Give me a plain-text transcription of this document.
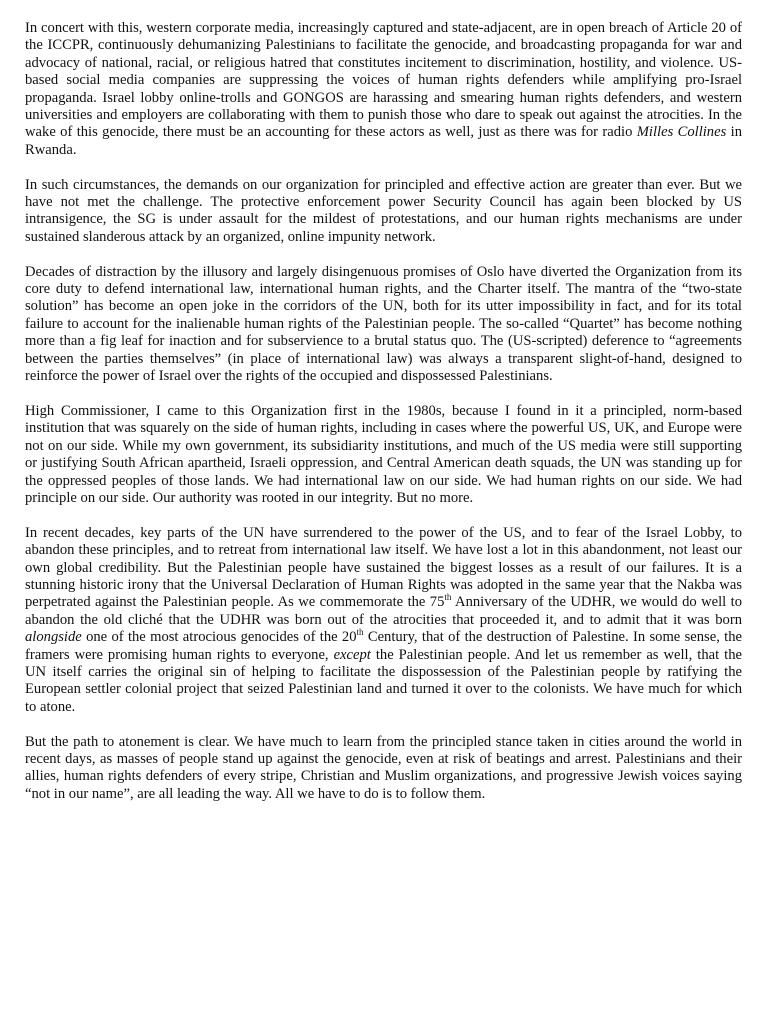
In concert with this, western corporate media, increasingly captured and state-adjacent, are in open breach of Article 20 of the ICCPR, continuously dehumanizing Palestinians to facilitate the genocide, and broadcasting propaganda for war and advocacy of national, racial, or religious hatred that constitutes incitement to discrimination, hostility, and violence. US-based social media companies are suppressing the voices of human rights defenders while amplifying pro-Israel propaganda. Israel lobby online-trolls and GONGOS are harassing and smearing human rights defenders, and western universities and employers are collaborating with them to punish those who dare to speak out against the atrocities. In the wake of this genocide, there must be an accounting for these actors as well, just as there was for radio Milles Collines in Rwanda.

In such circumstances, the demands on our organization for principled and effective action are greater than ever. But we have not met the challenge. The protective enforcement power Security Council has again been blocked by US intransigence, the SG is under assault for the mildest of protestations, and our human rights mechanisms are under sustained slanderous attack by an organized, online impunity network.

Decades of distraction by the illusory and largely disingenuous promises of Oslo have diverted the Organization from its core duty to defend international law, international human rights, and the Charter itself. The mantra of the “two-state solution” has become an open joke in the corridors of the UN, both for its utter impossibility in fact, and for its total failure to account for the inalienable human rights of the Palestinian people. The so-called “Quartet” has become nothing more than a fig leaf for inaction and for subservience to a brutal status quo. The (US-scripted) deference to “agreements between the parties themselves” (in place of international law) was always a transparent slight-of-hand, designed to reinforce the power of Israel over the rights of the occupied and dispossessed Palestinians.

High Commissioner, I came to this Organization first in the 1980s, because I found in it a principled, norm-based institution that was squarely on the side of human rights, including in cases where the powerful US, UK, and Europe were not on our side. While my own government, its subsidiarity institutions, and much of the US media were still supporting or justifying South African apartheid, Israeli oppression, and Central American death squads, the UN was standing up for the oppressed peoples of those lands. We had international law on our side. We had human rights on our side. We had principle on our side. Our authority was rooted in our integrity. But no more.

In recent decades, key parts of the UN have surrendered to the power of the US, and to fear of the Israel Lobby, to abandon these principles, and to retreat from international law itself. We have lost a lot in this abandonment, not least our own global credibility. But the Palestinian people have sustained the biggest losses as a result of our failures. It is a stunning historic irony that the Universal Declaration of Human Rights was adopted in the same year that the Nakba was perpetrated against the Palestinian people. As we commemorate the 75th Anniversary of the UDHR, we would do well to abandon the old cliché that the UDHR was born out of the atrocities that proceeded it, and to admit that it was born alongside one of the most atrocious genocides of the 20th Century, that of the destruction of Palestine. In some sense, the framers were promising human rights to everyone, except the Palestinian people. And let us remember as well, that the UN itself carries the original sin of helping to facilitate the dispossession of the Palestinian people by ratifying the European settler colonial project that seized Palestinian land and turned it over to the colonists. We have much for which to atone.

But the path to atonement is clear. We have much to learn from the principled stance taken in cities around the world in recent days, as masses of people stand up against the genocide, even at risk of beatings and arrest. Palestinians and their allies, human rights defenders of every stripe, Christian and Muslim organizations, and progressive Jewish voices saying “not in our name”, are all leading the way. All we have to do is to follow them.
